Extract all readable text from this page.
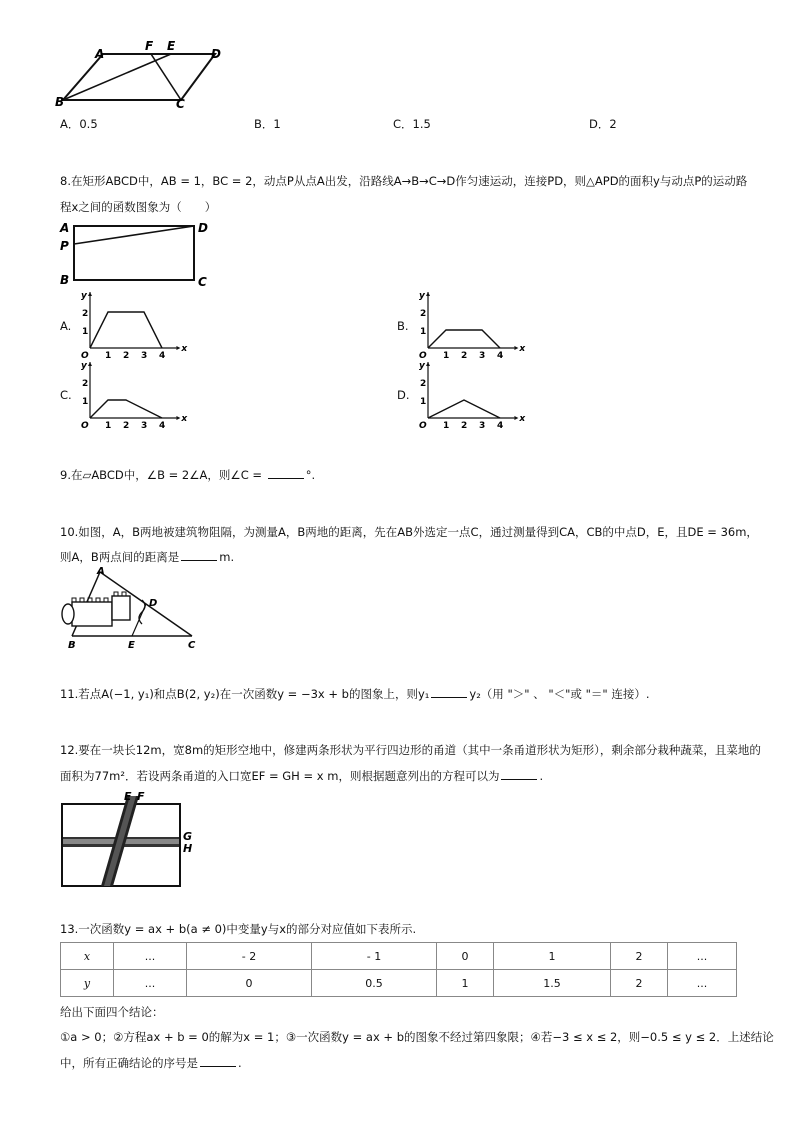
A
F E
D
B	C
A．0.5	B．1	C．1.5	D．2
8.在矩形ABCD中，AB = 1，BC = 2，动点P从点A出发，沿路线A→B→C→D作匀速运动，连接PD，则△APD的面积y与动点P的运动路
程x之间的函数图象为（　　）
A
P
D
B	C
A.
y
x
O 1 2 3 4
2
1	B.
y
x
O 1 2 3 4
2
1
C.
y
x
O 1 2 3 4
2
1	D.
y
x
O 1 2 3 4
2
1
9.在▱ABCD中，∠B = 2∠A，则∠C =	°.
10.如图，A，B两地被建筑物阻隔，为测量A，B两地的距离，先在AB外选定一点C，通过测量得到CA，CB的中点D，E，且DE = 36m，
则A，B两点间的距离是	m.
A
D
B	E	C
11.若点A(−1, y₁)和点B(2, y₂)在一次函数y = −3x + b的图象上，则y₁	y₂（用 "＞" 、 "＜"或 "＝" 连接）.
12.要在一块长12m，宽8m的矩形空地中，修建两条形状为平行四边形的甬道（其中一条甬道形状为矩形），剩余部分栽种蔬菜，且菜地的
面积为77m²．若设两条甬道的入口宽EF = GH = x m，则根据题意列出的方程可以为	.
E F
G
H
13.一次函数y = ax + b(a ≠ 0)中变量y与x的部分对应值如下表所示.
x	...	- 2	- 1	0	1	2	...
y	...	0	0.5	1	1.5	2	...
给出下面四个结论：
①a > 0；②方程ax + b = 0的解为x = 1；③一次函数y = ax + b的图象不经过第四象限；④若−3 ≤ x ≤ 2，则−0.5 ≤ y ≤ 2．上述结论
中，所有正确结论的序号是	.
